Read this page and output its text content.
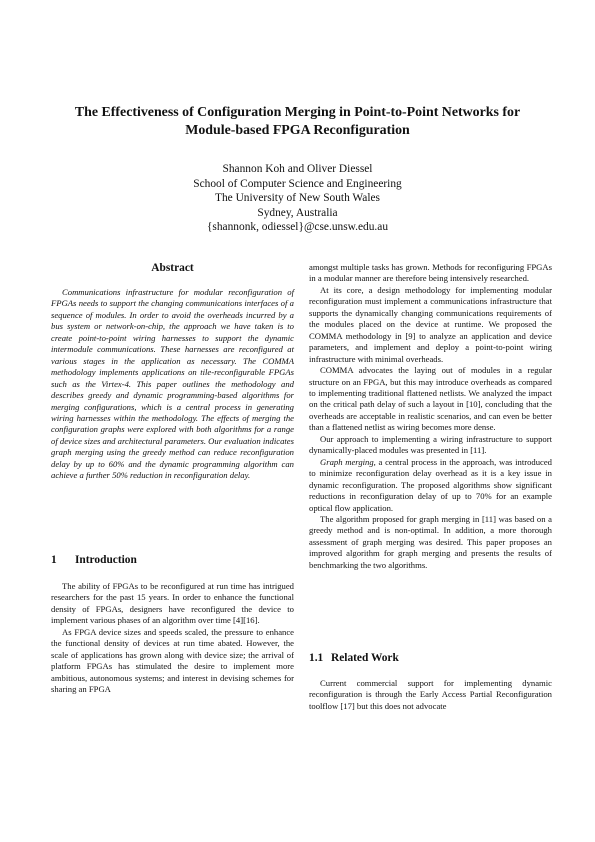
The Effectiveness of Configuration Merging in Point-to-Point Networks for
Module-based FPGA Reconfiguration
Shannon Koh and Oliver Diessel
School of Computer Science and Engineering
The University of New South Wales
Sydney, Australia
{shannonk, odiessel}@cse.unsw.edu.au
Abstract

Communications infrastructure for modular reconfiguration of FPGAs needs to support the changing communications interfaces of a sequence of modules. In order to avoid the overheads incurred by a bus system or network-on-chip, the approach we have taken is to create point-to-point wiring harnesses to support the dynamic intermodule communications. These harnesses are reconfigured at various stages in the application as necessary. The COMMA methodology implements applications on tile-reconfigurable FPGAs such as the Virtex-4. This paper outlines the methodology and describes greedy and dynamic programming-based algorithms for merging configurations, which is a central process in generating wiring harnesses within the methodology. The effects of merging the configuration graphs were explored with both algorithms for a range of device sizes and architectural parameters. Our evaluation indicates graph merging using the greedy method can reduce reconfiguration delay by up to 60% and the dynamic programming algorithm can achieve a further 50% reduction in reconfiguration delay.

1 Introduction

The ability of FPGAs to be reconfigured at run time has intrigued researchers for the past 15 years. In order to enhance the functional density of FPGAs, designers have reconfigured the device to implement various phases of an algorithm over time [4][16].

As FPGA device sizes and speeds scaled, the pressure to enhance the functional density of devices at run time abated. However, the scale of applications has grown along with device size; the arrival of platform FPGAs has stimulated the desire to implement more ambitious, autonomous systems; and interest in devising schemes for sharing an FPGA

amongst multiple tasks has grown. Methods for reconfiguring FPGAs in a modular manner are therefore being intensively researched.

At its core, a design methodology for implementing modular reconfiguration must implement a communications infrastructure that supports the dynamically changing communications requirements of the modules placed on the device at runtime. We proposed the COMMA methodology in [9] to analyze an application and device parameters, and implement and deploy a point-to-point wiring infrastructure with minimal overheads.

COMMA advocates the laying out of modules in a regular structure on an FPGA, but this may introduce overheads as compared to implementing traditional flattened netlists. We analyzed the impact on the critical path delay of such a layout in [10], concluding that the overheads are acceptable in realistic scenarios, and can even be better than a flattened netlist as wiring becomes more dense.

Our approach to implementing a wiring infrastructure to support dynamically-placed modules was presented in [11].

Graph merging, a central process in the approach, was introduced to minimize reconfiguration delay overhead as it is a key issue in dynamic reconfiguration. The proposed algorithms show significant reductions in reconfiguration delay of up to 70% for an example optical flow application.

The algorithm proposed for graph merging in [11] was based on a greedy method and is non-optimal. In addition, a more thorough assessment of graph merging was desired. This paper proposes an improved algorithm for graph merging and presents the results of benchmarking the two algorithms.

1.1 Related Work

Current commercial support for implementing dynamic reconfiguration is through the Early Access Partial Reconfiguration toolflow [17] but this does not advocate
